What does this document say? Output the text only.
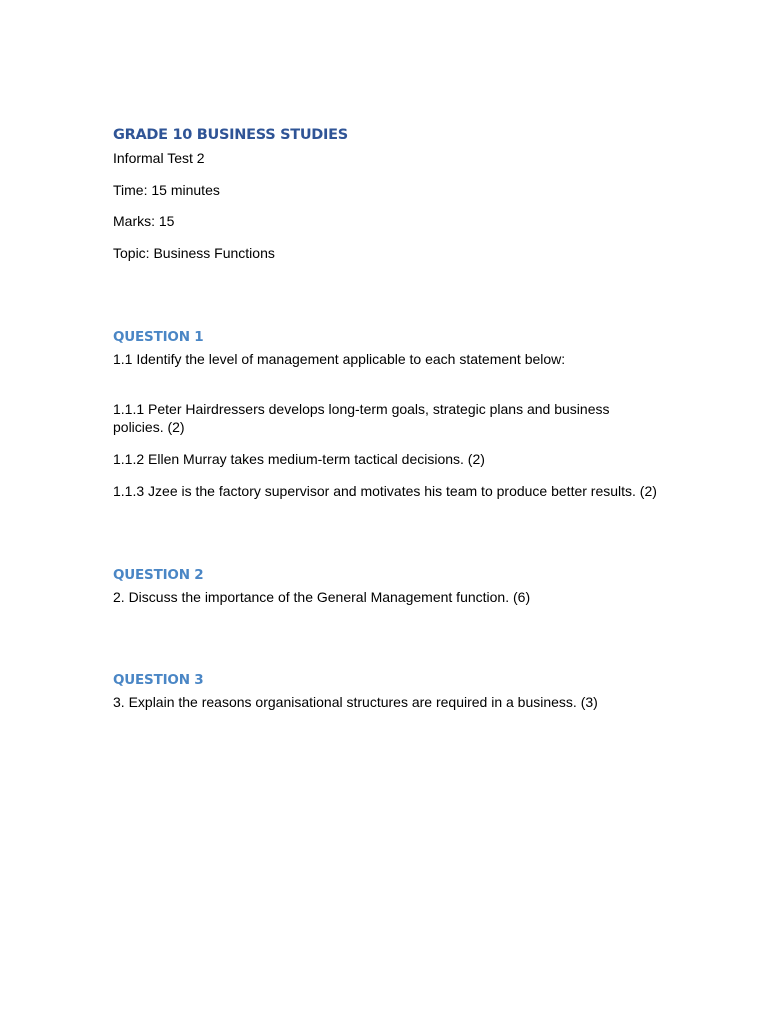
GRADE 10 BUSINESS STUDIES

Informal Test 2

Time: 15 minutes

Marks: 15

Topic: Business Functions

QUESTION 1

1.1 Identify the level of management applicable to each statement below:

1.1.1 Peter Hairdressers develops long-term goals, strategic plans and business policies. (2)

1.1.2 Ellen Murray takes medium-term tactical decisions. (2)

1.1.3 Jzee is the factory supervisor and motivates his team to produce better results. (2)

QUESTION 2

2. Discuss the importance of the General Management function. (6)

QUESTION 3

3. Explain the reasons organisational structures are required in a business. (3)
